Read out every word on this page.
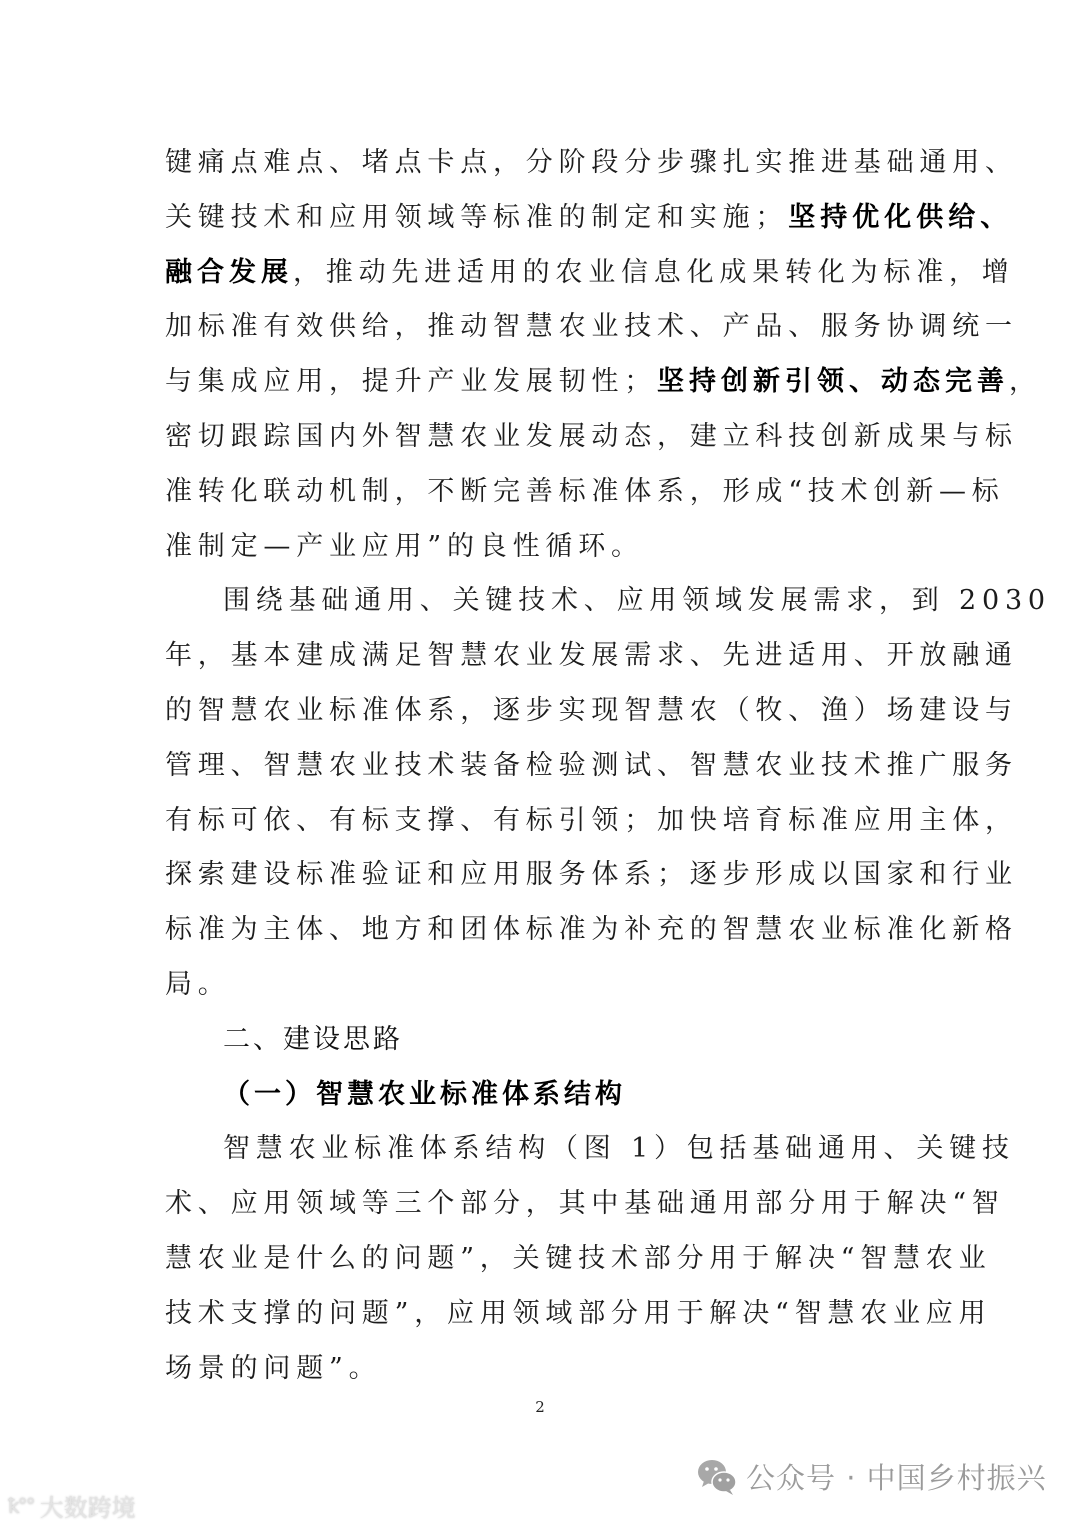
键痛点难点、堵点卡点，分阶段分步骤扎实推进基础通用、
关键技术和应用领域等标准的制定和实施；坚持优化供给、
融合发展，推动先进适用的农业信息化成果转化为标准，增
加标准有效供给，推动智慧农业技术、产品、服务协调统一
与集成应用，提升产业发展韧性；坚持创新引领、动态完善，
密切跟踪国内外智慧农业发展动态，建立科技创新成果与标
准转化联动机制，不断完善标准体系，形成“技术创新—标
准制定—产业应用”的良性循环。
围绕基础通用、关键技术、应用领域发展需求，到 2030
年，基本建成满足智慧农业发展需求、先进适用、开放融通
的智慧农业标准体系，逐步实现智慧农（牧、渔）场建设与
管理、智慧农业技术装备检验测试、智慧农业技术推广服务
有标可依、有标支撑、有标引领；加快培育标准应用主体，
探索建设标准验证和应用服务体系；逐步形成以国家和行业
标准为主体、地方和团体标准为补充的智慧农业标准化新格
局。
二、建设思路
（一）智慧农业标准体系结构
智慧农业标准体系结构（图 1）包括基础通用、关键技
术、应用领域等三个部分，其中基础通用部分用于解决“智
慧农业是什么的问题”，关键技术部分用于解决“智慧农业
技术支撑的问题”，应用领域部分用于解决“智慧农业应用
场景的问题”。
2
ꝁ°° 大数跨境
公众号 · 中国乡村振兴
